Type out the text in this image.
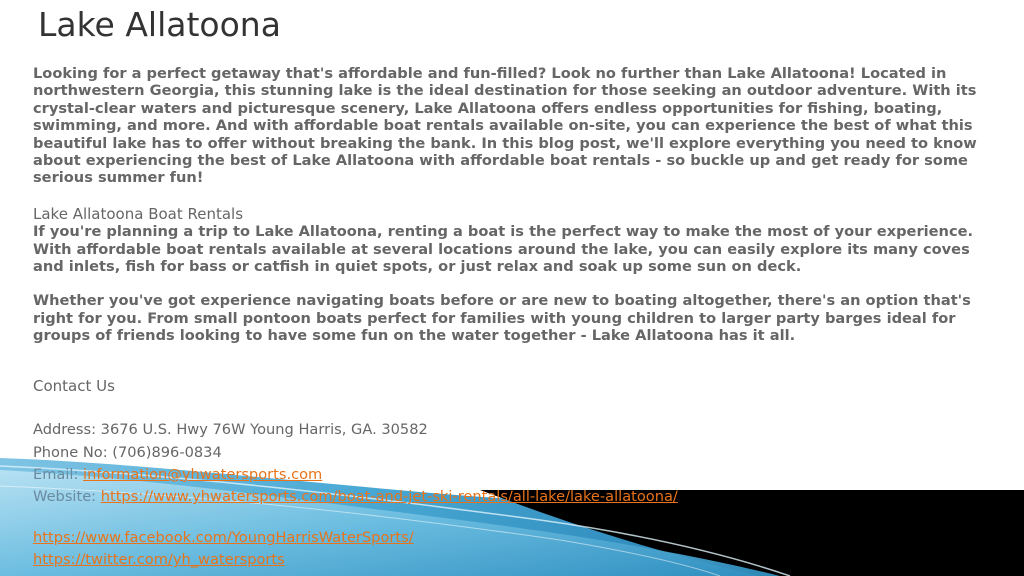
Lake Allatoona

Looking for a perfect getaway that's affordable and fun-filled? Look no further than Lake Allatoona! Located in northwestern Georgia, this stunning lake is the ideal destination for those seeking an outdoor adventure. With its crystal-clear waters and picturesque scenery, Lake Allatoona offers endless opportunities for fishing, boating, swimming, and more. And with affordable boat rentals available on-site, you can experience the best of what this beautiful lake has to offer without breaking the bank. In this blog post, we'll explore everything you need to know about experiencing the best of Lake Allatoona with affordable boat rentals - so buckle up and get ready for some serious summer fun!

Lake Allatoona Boat Rentals

If you're planning a trip to Lake Allatoona, renting a boat is the perfect way to make the most of your experience. With affordable boat rentals available at several locations around the lake, you can easily explore its many coves and inlets, fish for bass or catfish in quiet spots, or just relax and soak up some sun on deck.

Whether you've got experience navigating boats before or are new to boating altogether, there's an option that's right for you. From small pontoon boats perfect for families with young children to larger party barges ideal for groups of friends looking to have some fun on the water together - Lake Allatoona has it all.

Contact Us

Address: 3676 U.S. Hwy 76W Young Harris, GA. 30582

Phone No: (706)896-0834

Email: information@yhwatersports.com

Website: https://www.yhwatersports.com/boat-and-jet-ski-rentals/all-lake/lake-allatoona/

https://www.facebook.com/YoungHarrisWaterSports/

https://twitter.com/yh_watersports
